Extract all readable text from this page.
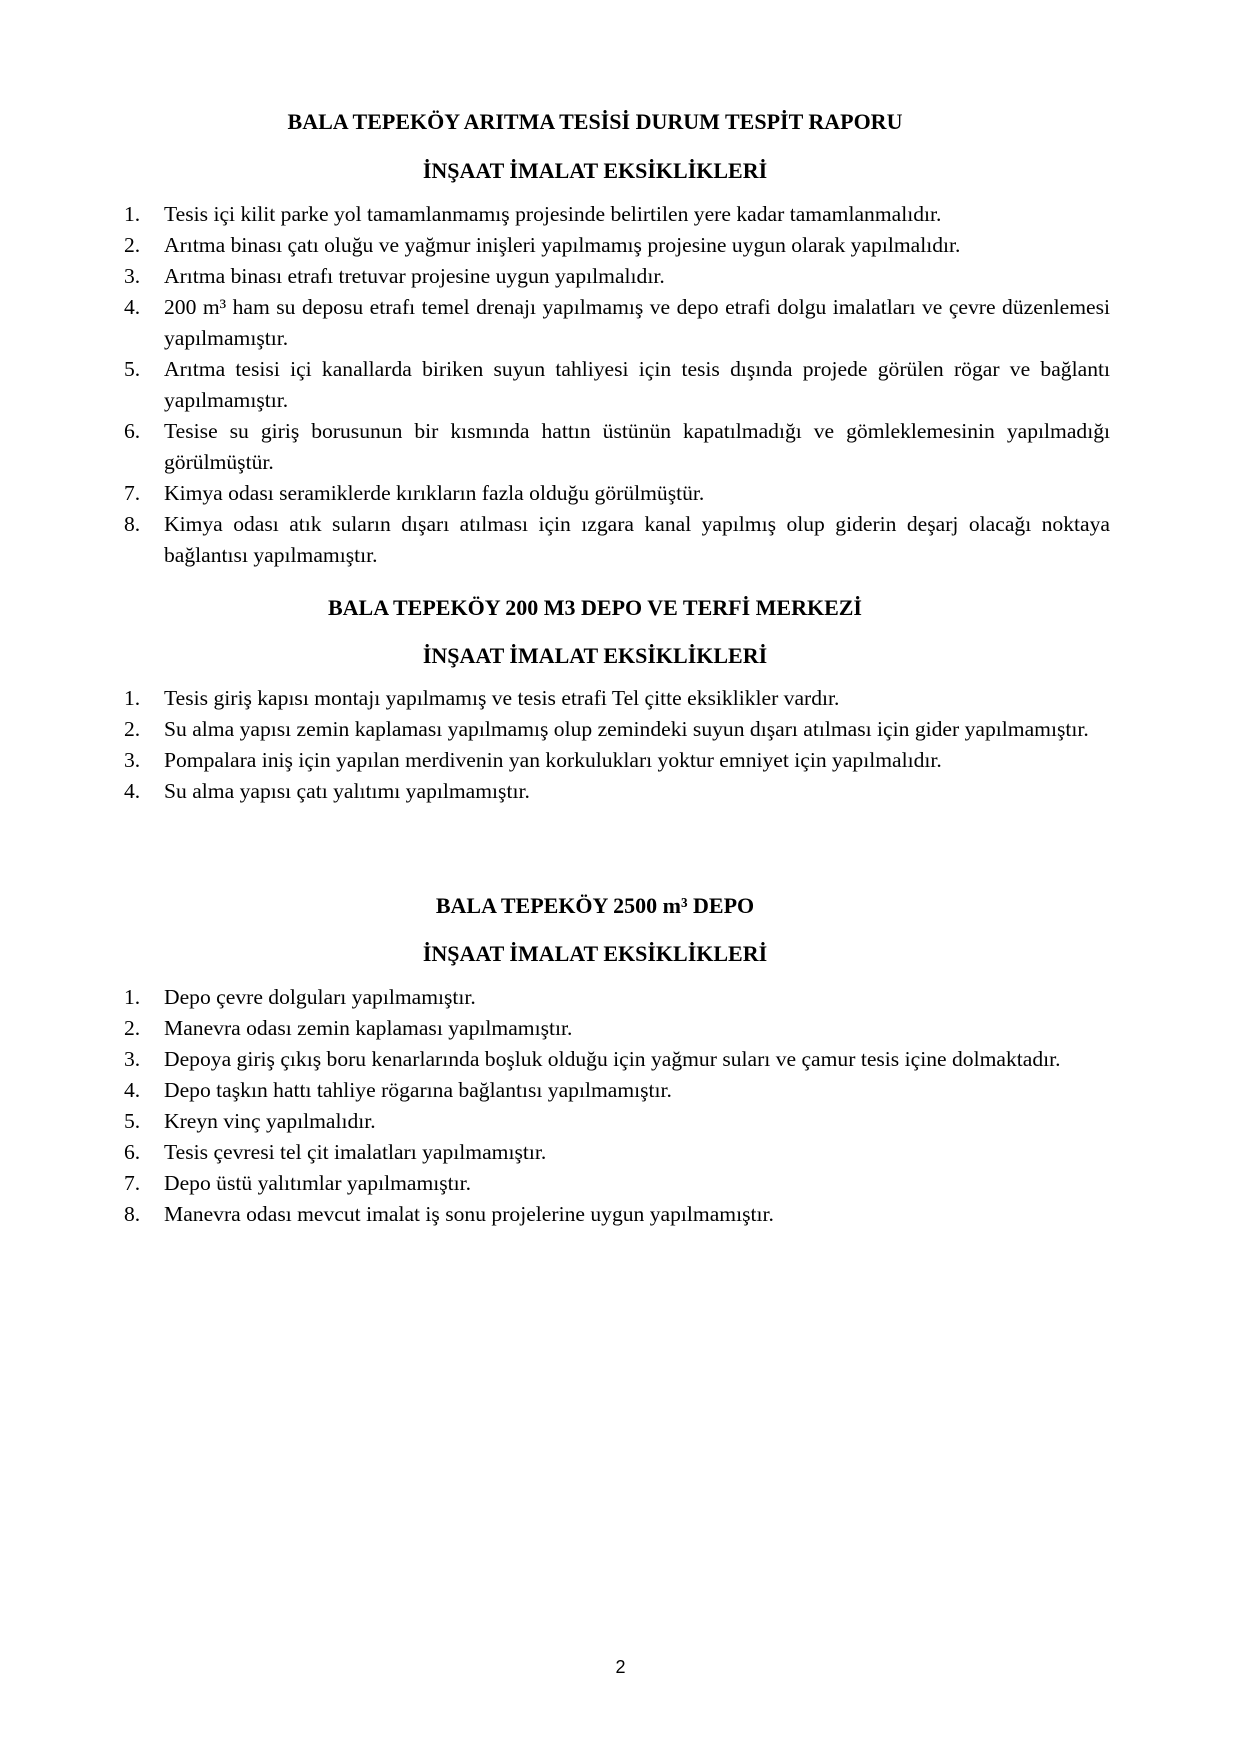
BALA TEPEKÖY ARITMA TESİSİ DURUM TESPİT RAPORU
İNŞAAT İMALAT EKSİKLİKLERİ
1. Tesis içi kilit parke yol tamamlanmamış projesinde belirtilen yere kadar tamamlanmalıdır.
2. Arıtma binası çatı oluğu ve yağmur inişleri yapılmamış projesine uygun olarak yapılmalıdır.
3. Arıtma binası etrafı tretuvar projesine uygun yapılmalıdır.
4. 200 m³ ham su deposu etrafı temel drenajı yapılmamış ve depo etrafi dolgu imalatları ve çevre düzenlemesi yapılmamıştır.
5. Arıtma tesisi içi kanallarda biriken suyun tahliyesi için tesis dışında projede görülen rögar ve bağlantı yapılmamıştır.
6. Tesise su giriş borusunun bir kısmında hattın üstünün kapatılmadığı ve gömleklemesinin yapılmadığı görülmüştür.
7. Kimya odası seramiklerde kırıkların fazla olduğu görülmüştür.
8. Kimya odası atık suların dışarı atılması için ızgara kanal yapılmış olup giderin deşarj olacağı noktaya bağlantısı yapılmamıştır.
BALA TEPEKÖY 200 M3 DEPO VE TERFİ MERKEZİ
İNŞAAT İMALAT EKSİKLİKLERİ
1. Tesis giriş kapısı montajı yapılmamış ve tesis etrafi Tel çitte eksiklikler vardır.
2. Su alma yapısı zemin kaplaması yapılmamış olup zemindeki suyun dışarı atılması için gider yapılmamıştır.
3. Pompalara iniş için yapılan merdivenin yan korkulukları yoktur emniyet için yapılmalıdır.
4. Su alma yapısı çatı yalıtımı yapılmamıştır.
BALA TEPEKÖY 2500 m³ DEPO
İNŞAAT İMALAT EKSİKLİKLERİ
1. Depo çevre dolguları yapılmamıştır.
2. Manevra odası zemin kaplaması yapılmamıştır.
3. Depoya giriş çıkış boru kenarlarında boşluk olduğu için yağmur suları ve çamur tesis içine dolmaktadır.
4. Depo taşkın hattı tahliye rögarına bağlantısı yapılmamıştır.
5. Kreyn vinç yapılmalıdır.
6. Tesis çevresi tel çit imalatları yapılmamıştır.
7. Depo üstü yalıtımlar yapılmamıştır.
8. Manevra odası mevcut imalat iş sonu projelerine uygun yapılmamıştır.
2
